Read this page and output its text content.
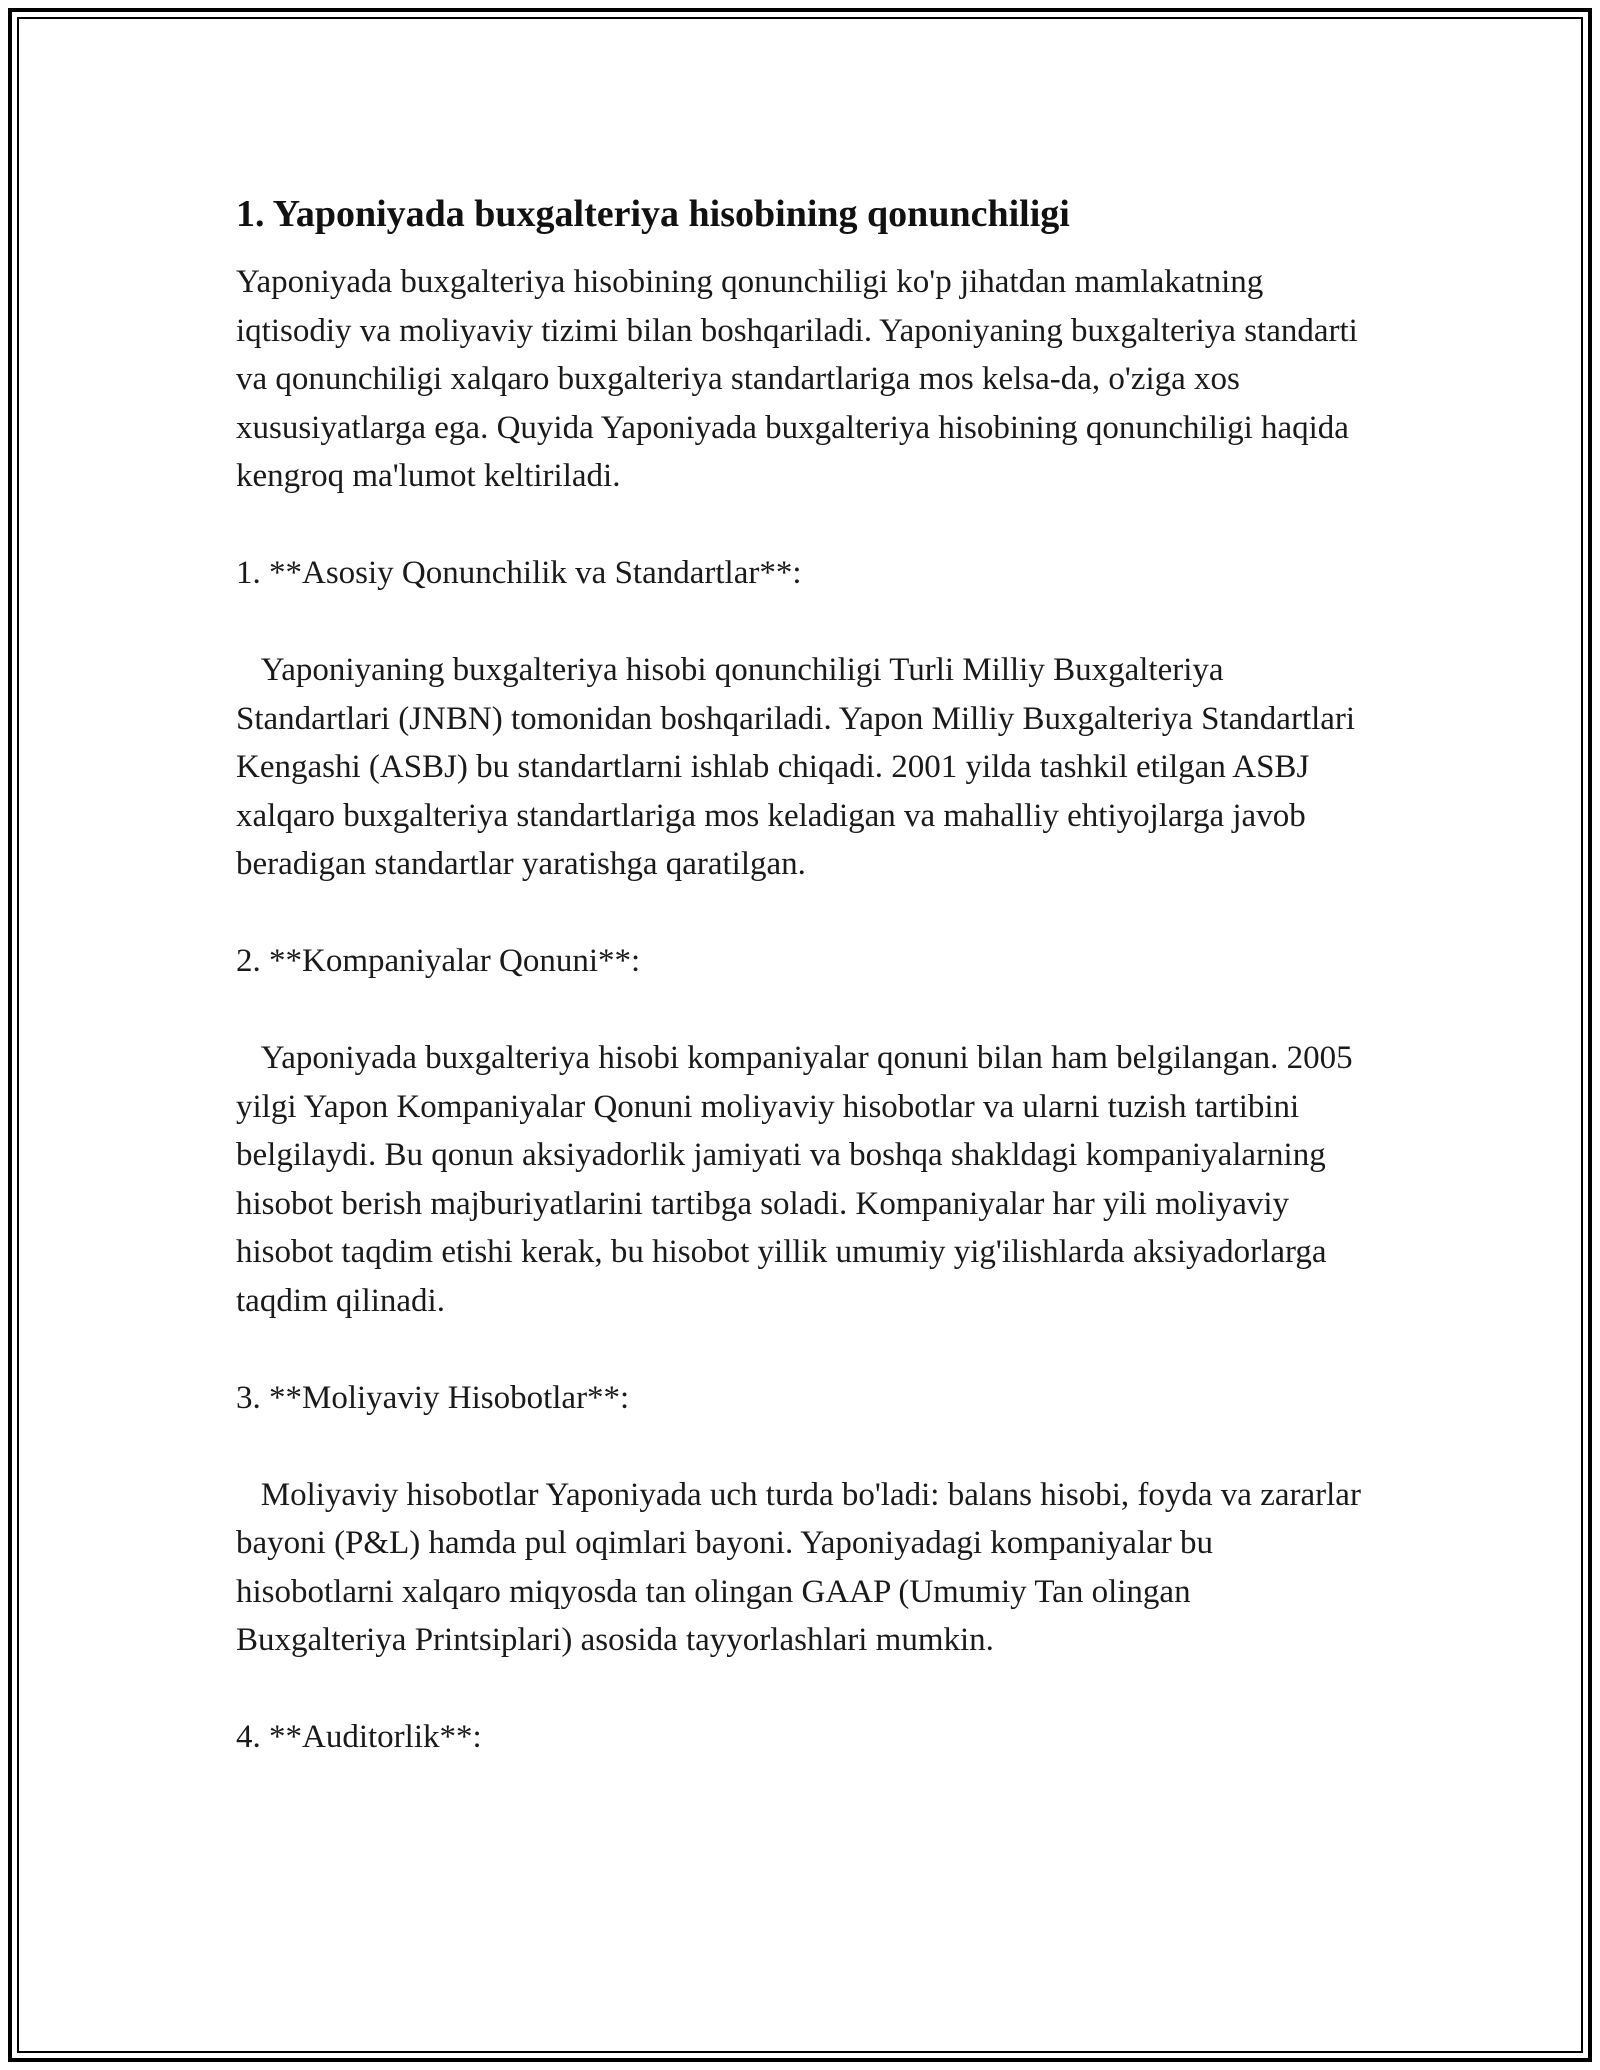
1. Yaponiyada buxgalteriya hisobining qonunchiligi

Yaponiyada buxgalteriya hisobining qonunchiligi ko'p jihatdan mamlakatning iqtisodiy va moliyaviy tizimi bilan boshqariladi. Yaponiyaning buxgalteriya standarti va qonunchiligi xalqaro buxgalteriya standartlariga mos kelsa-da, o'ziga xos xususiyatlarga ega. Quyida Yaponiyada buxgalteriya hisobining qonunchiligi haqida kengroq ma'lumot keltiriladi.

1. **Asosiy Qonunchilik va Standartlar**:

Yaponiyaning buxgalteriya hisobi qonunchiligi Turli Milliy Buxgalteriya Standartlari (JNBN) tomonidan boshqariladi. Yapon Milliy Buxgalteriya Standartlari Kengashi (ASBJ) bu standartlarni ishlab chiqadi. 2001 yilda tashkil etilgan ASBJ xalqaro buxgalteriya standartlariga mos keladigan va mahalliy ehtiyojlarga javob beradigan standartlar yaratishga qaratilgan.

2. **Kompaniyalar Qonuni**:

Yaponiyada buxgalteriya hisobi kompaniyalar qonuni bilan ham belgilangan. 2005 yilgi Yapon Kompaniyalar Qonuni moliyaviy hisobotlar va ularni tuzish tartibini belgilaydi. Bu qonun aksiyadorlik jamiyati va boshqa shakldagi kompaniyalarning hisobot berish majburiyatlarini tartibga soladi. Kompaniyalar har yili moliyaviy hisobot taqdim etishi kerak, bu hisobot yillik umumiy yig'ilishlarda aksiyadorlarga taqdim qilinadi.

3. **Moliyaviy Hisobotlar**:

Moliyaviy hisobotlar Yaponiyada uch turda bo'ladi: balans hisobi, foyda va zararlar bayoni (P&L) hamda pul oqimlari bayoni. Yaponiyadagi kompaniyalar bu hisobotlarni xalqaro miqyosda tan olingan GAAP (Umumiy Tan olingan Buxgalteriya Printsiplari) asosida tayyorlashlari mumkin.

4. **Auditorlik**:
